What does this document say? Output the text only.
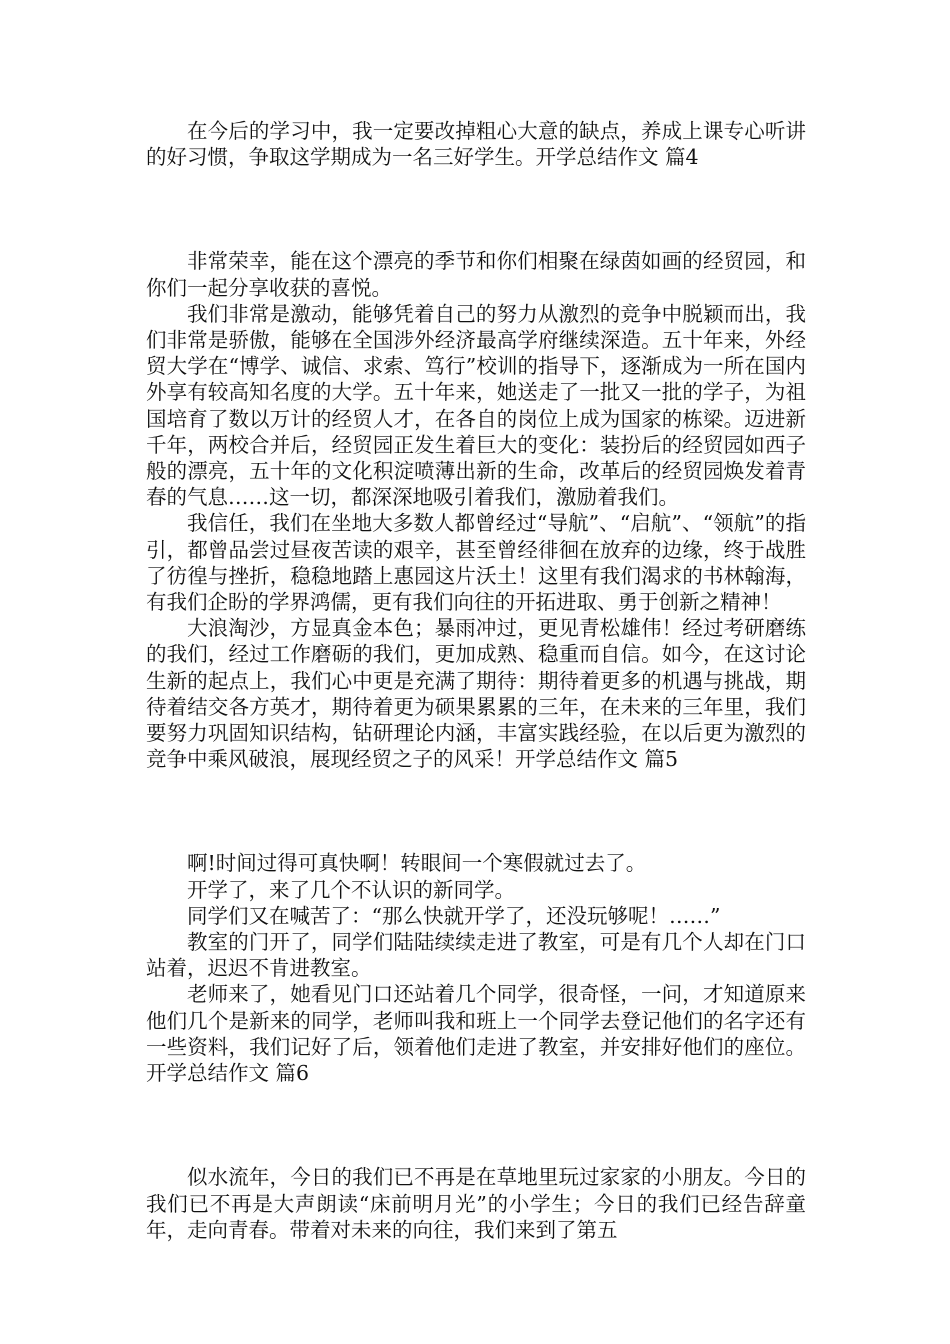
在今后的学习中，我一定要改掉粗心大意的缺点，养成上课专心听讲的好习惯，争取这学期成为一名三好学生。开学总结作文 篇4

非常荣幸，能在这个漂亮的季节和你们相聚在绿茵如画的经贸园，和你们一起分享收获的喜悦。

我们非常是激动，能够凭着自己的努力从激烈的竞争中脱颖而出，我们非常是骄傲，能够在全国涉外经济最高学府继续深造。五十年来，外经贸大学在“博学、诚信、求索、笃行”校训的指导下，逐渐成为一所在国内外享有较高知名度的大学。五十年来，她送走了一批又一批的学子，为祖国培育了数以万计的经贸人才，在各自的岗位上成为国家的栋梁。迈进新千年，两校合并后，经贸园正发生着巨大的变化：装扮后的经贸园如西子般的漂亮，五十年的文化积淀喷薄出新的生命，改革后的经贸园焕发着青春的气息……这一切，都深深地吸引着我们，激励着我们。

我信任，我们在坐地大多数人都曾经过“导航”、“启航”、“领航”的指引，都曾品尝过昼夜苦读的艰辛，甚至曾经徘徊在放弃的边缘，终于战胜了彷徨与挫折，稳稳地踏上惠园这片沃土！这里有我们渴求的书林翰海，有我们企盼的学界鸿儒，更有我们向往的开拓进取、勇于创新之精神！

大浪淘沙，方显真金本色；暴雨冲过，更见青松雄伟！经过考研磨练的我们，经过工作磨砺的我们，更加成熟、稳重而自信。如今，在这讨论生新的起点上，我们心中更是充满了期待：期待着更多的机遇与挑战，期待着结交各方英才，期待着更为硕果累累的三年，在未来的三年里，我们要努力巩固知识结构，钻研理论内涵，丰富实践经验，在以后更为激烈的竞争中乘风破浪，展现经贸之子的风采！开学总结作文 篇5

啊!时间过得可真快啊！转眼间一个寒假就过去了。

开学了，来了几个不认识的新同学。

同学们又在喊苦了：“那么快就开学了，还没玩够呢！……”

教室的门开了，同学们陆陆续续走进了教室，可是有几个人却在门口站着，迟迟不肯进教室。

老师来了，她看见门口还站着几个同学，很奇怪，一问，才知道原来他们几个是新来的同学，老师叫我和班上一个同学去登记他们的名字还有一些资料，我们记好了后，领着他们走进了教室，并安排好他们的座位。开学总结作文 篇6

似水流年，今日的我们已不再是在草地里玩过家家的小朋友。今日的我们已不再是大声朗读“床前明月光”的小学生；今日的我们已经告辞童年，走向青春。带着对未来的向往，我们来到了第五
